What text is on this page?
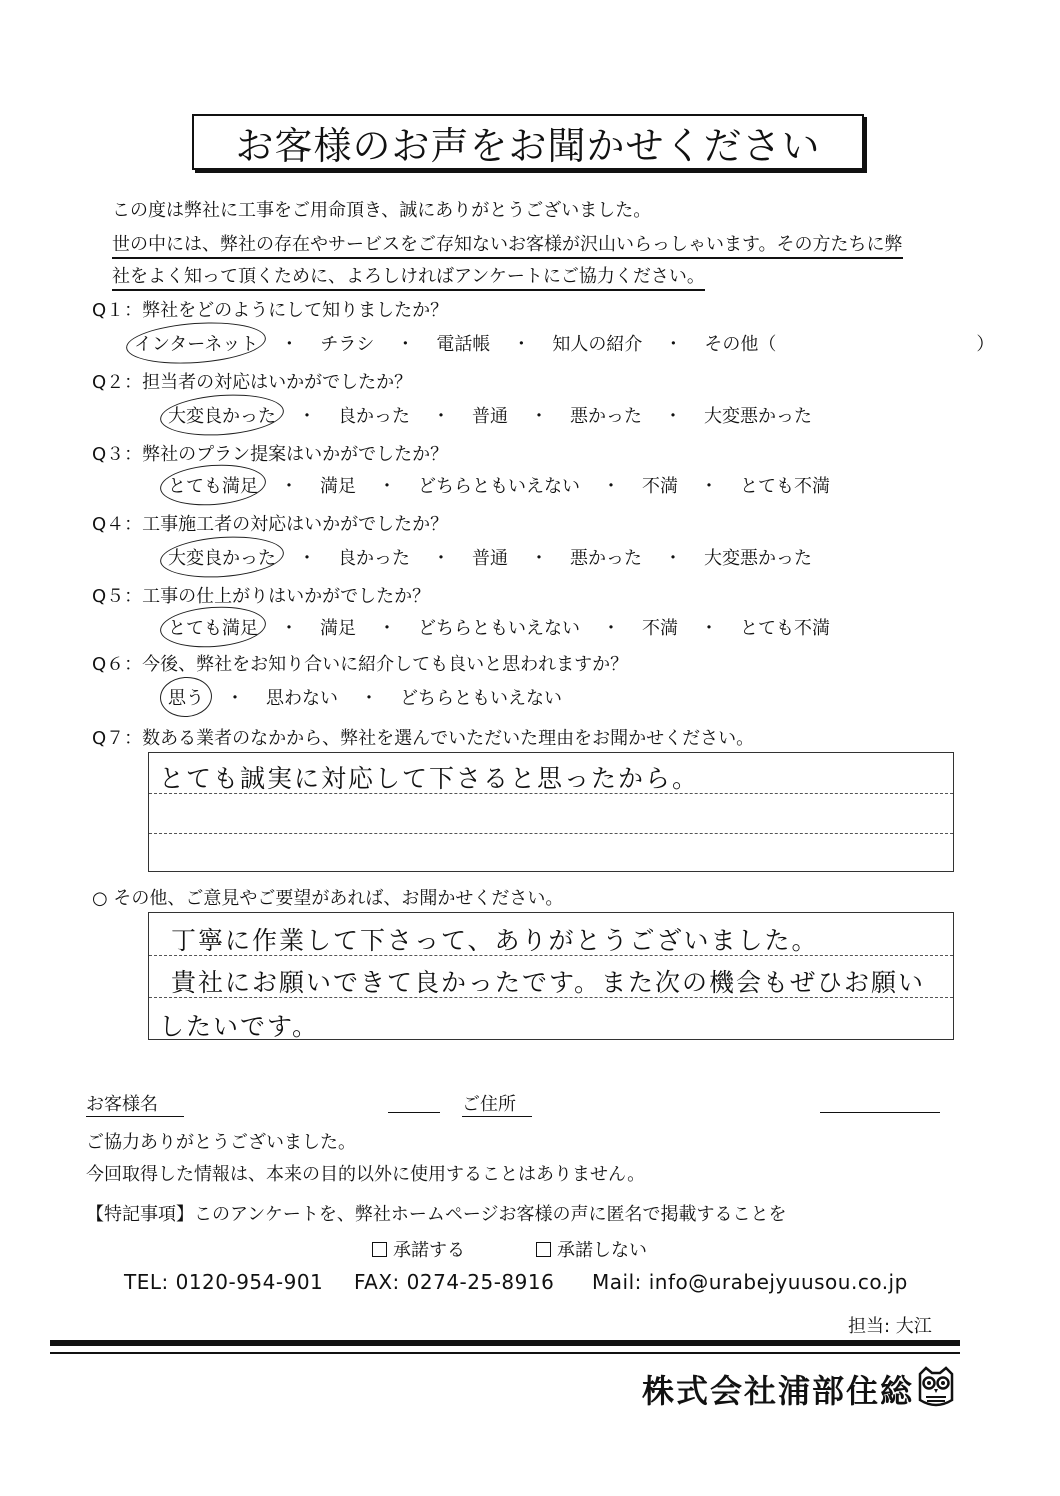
お客様のお声をお聞かせください
この度は弊社に工事をご用命頂き、誠にありがとうございました。
世の中には、弊社の存在やサービスをご存知ないお客様が沢山いらっしゃいます。その方たちに弊
社をよく知って頂くために、よろしければアンケートにご協力ください。
Q１：弊社をどのようにして知りましたか？
インターネット ・ チラシ ・ 電話帳 ・ 知人の紹介 ・ その他（	）
Q２：担当者の対応はいかがでしたか？
大変良かった ・ 良かった ・ 普通 ・ 悪かった ・ 大変悪かった
Q３：弊社のプラン提案はいかがでしたか？
とても満足 ・ 満足 ・ どちらともいえない ・ 不満 ・ とても不満
Q４：工事施工者の対応はいかがでしたか？
大変良かった ・ 良かった ・ 普通 ・ 悪かった ・ 大変悪かった
Q５：工事の仕上がりはいかがでしたか？
とても満足 ・ 満足 ・ どちらともいえない ・ 不満 ・ とても不満
Q６：今後、弊社をお知り合いに紹介しても良いと思われますか？
思う ・ 思わない ・ どちらともいえない
Q７：数ある業者のなかから、弊社を選んでいただいた理由をお聞かせください。
とても誠実に対応して下さると思ったから。
○ その他、ご意見やご要望があれば、お聞かせください。
丁寧に作業して下さって、ありがとうございました。
貴社にお願いできて良かったです。また次の機会もぜひお願い
したいです。
お客様名	ご住所
ご協力ありがとうございました。
今回取得した情報は、本来の目的以外に使用することはありません。
【特記事項】このアンケートを、弊社ホームページお客様の声に匿名で掲載することを
承諾する	承諾しない
TEL: 0120-954-901 FAX: 0274-25-8916 Mail: info@urabejyuusou.co.jp
担当: 大江
株式会社浦部住総
